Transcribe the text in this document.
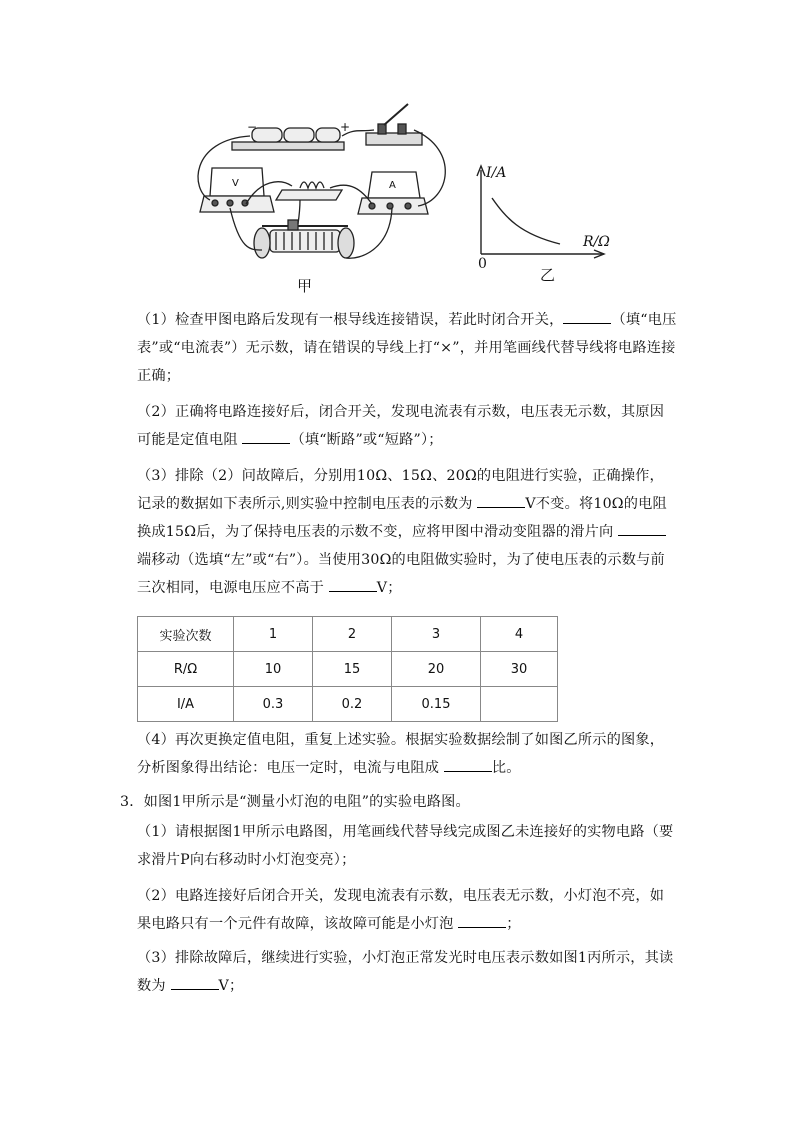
−	+
V	A
I/A
R/Ω
0
甲
乙
（1）检查甲图电路后发现有一根导线连接错误，若此时闭合开关，	（填“电压表”或“电流表”）无示数，请在错误的导线上打“×”，并用笔画线代替导线将电路连接正确；
（2）正确将电路连接好后，闭合开关，发现电流表有示数，电压表无示数，其原因可能是定值电阻	（填“断路”或“短路”）；
（3）排除（2）问故障后，分别用10Ω、15Ω、20Ω的电阻进行实验，正确操作，记录的数据如下表所示,则实验中控制电压表的示数为	V不变。将10Ω的电阻换成15Ω后，为了保持电压表的示数不变，应将甲图中滑动变阻器的滑片向 端移动（选填“左”或“右”）。当使用30Ω的电阻做实验时，为了使电压表的示数与前三次相同，电源电压应不高于	V；
实验次数	1	2	3	4
R/Ω	10	15	20	30
I/A	0.3	0.2	0.15	
（4）再次更换定值电阻，重复上述实验。根据实验数据绘制了如图乙所示的图象，分析图象得出结论：电压一定时，电流与电阻成	比。
3．如图1甲所示是“测量小灯泡的电阻”的实验电路图。
（1）请根据图1甲所示电路图，用笔画线代替导线完成图乙未连接好的实物电路（要求滑片P向右移动时小灯泡变亮）；
（2）电路连接好后闭合开关，发现电流表有示数，电压表无示数，小灯泡不亮，如果电路只有一个元件有故障，该故障可能是小灯泡	；
（3）排除故障后，继续进行实验，小灯泡正常发光时电压表示数如图1丙所示，其读数为	V；
